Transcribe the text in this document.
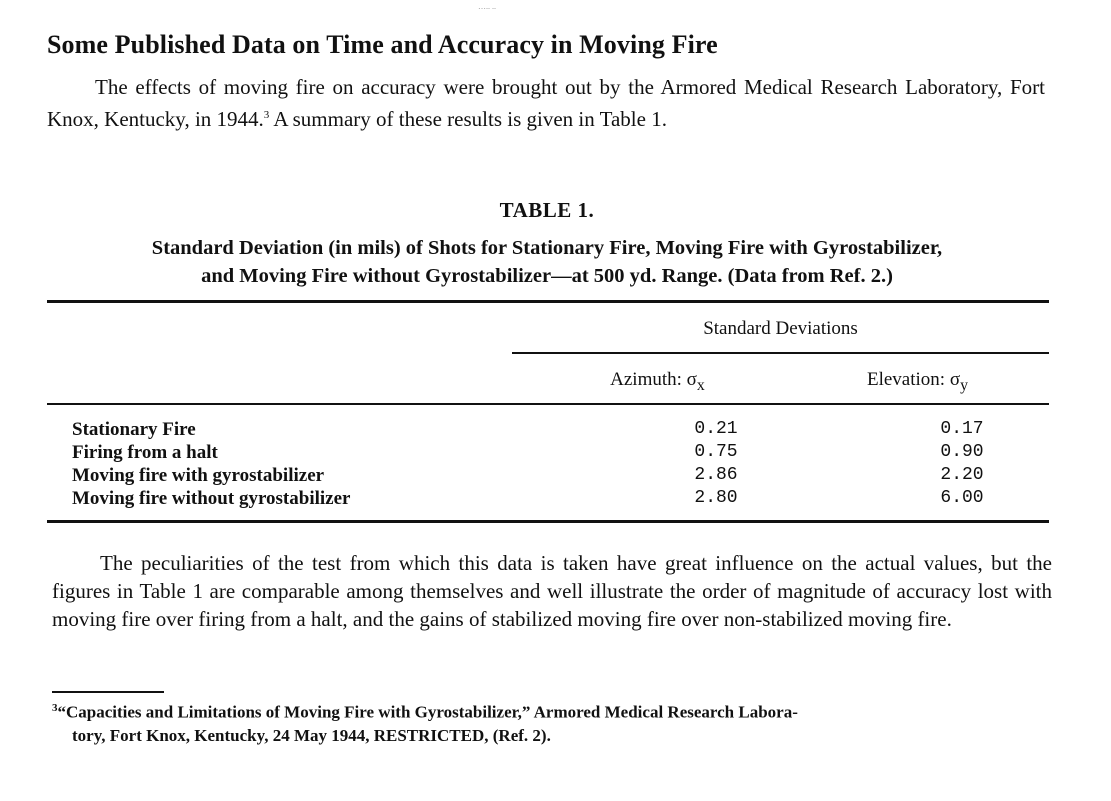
….. ..
Some Published Data on Time and Accuracy in Moving Fire
The effects of moving fire on accuracy were brought out by the Armored Medical Research Laboratory, Fort Knox, Kentucky, in 1944.$^3$ A summary of these results is given in Table 1.
TABLE 1.
Standard Deviation (in mils) of Shots for Stationary Fire, Moving Fire with Gyrostabilizer,
and Moving Fire without Gyrostabilizer—at 500 yd. Range. (Data from Ref. 2.)
Standard Deviations
Azimuth: $\sigma_x$	Elevation: $\sigma_y$
Stationary Fire	0.21	0.17
Firing from a halt	0.75	0.90
Moving fire with gyrostabilizer	2.86	2.20
Moving fire without gyrostabilizer	2.80	6.00
The peculiarities of the test from which this data is taken have great influence on the actual values, but the figures in Table 1 are comparable among themselves and well illustrate the order of magnitude of accuracy lost with moving fire over firing from a halt, and the gains of stabilized moving fire over non-stabilized moving fire.
$^3$“Capacities and Limitations of Moving Fire with Gyrostabilizer,” Armored Medical Research Labora-
tory, Fort Knox, Kentucky, 24 May 1944, RESTRICTED, (Ref. 2).
